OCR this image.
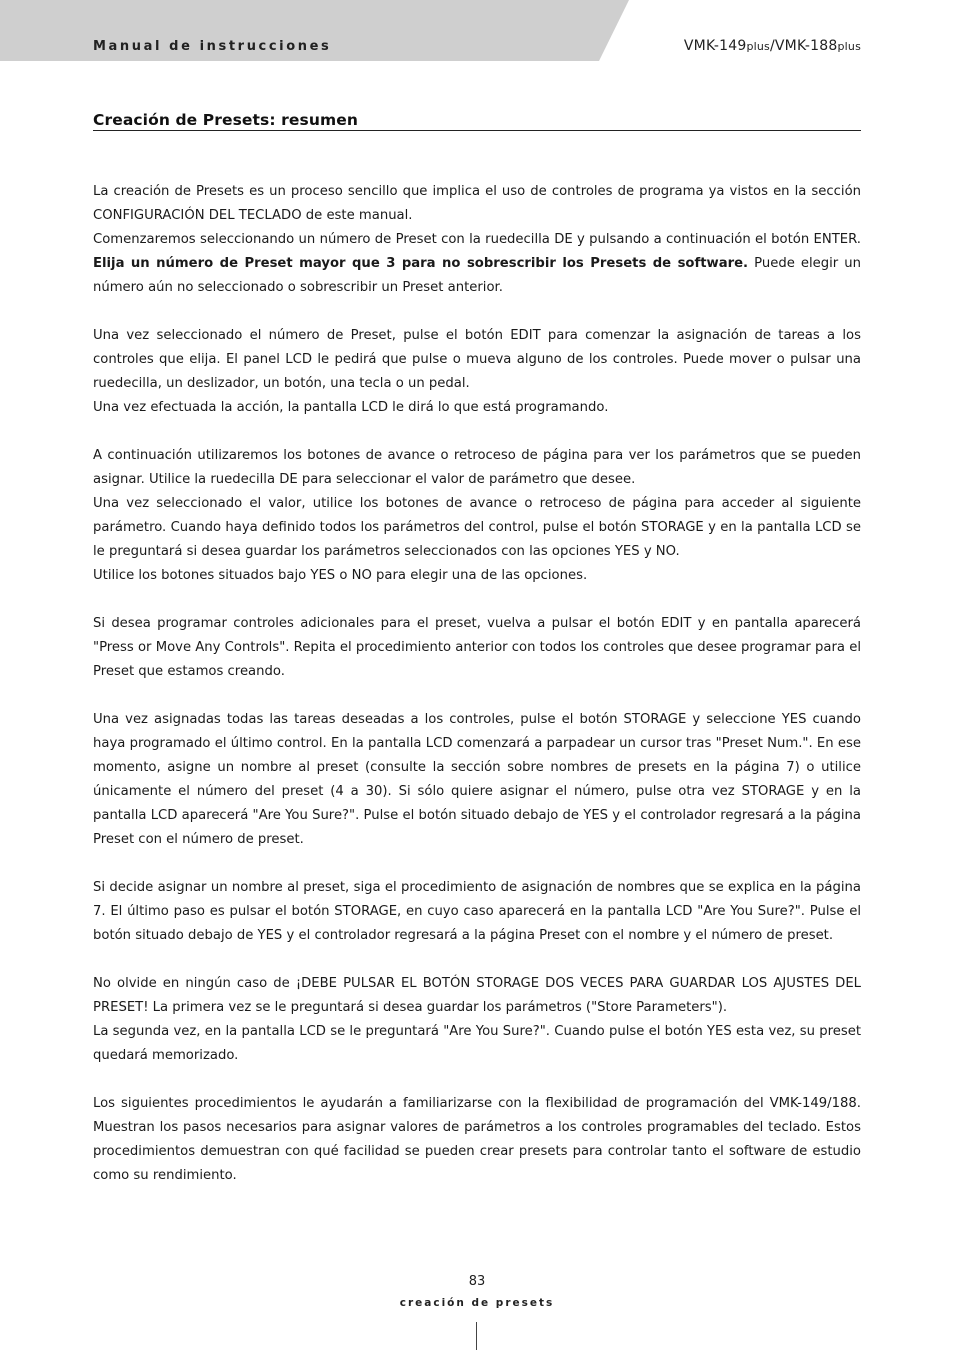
Manual de instrucciones	VMK-149plus/VMK-188plus
Creación de Presets: resumen

La creación de Presets es un proceso sencillo que implica el uso de controles de programa ya vistos en la sección CONFIGURACIÓN DEL TECLADO de este manual.
Comenzaremos seleccionando un número de Preset con la ruedecilla DE y pulsando a continuación el botón ENTER. Elija un número de Preset mayor que 3 para no sobrescribir los Presets de software. Puede elegir un número aún no seleccionado o sobrescribir un Preset anterior.

Una vez seleccionado el número de Preset, pulse el botón EDIT para comenzar la asignación de tareas a los controles que elija. El panel LCD le pedirá que pulse o mueva alguno de los controles. Puede mover o pulsar una ruedecilla, un deslizador, un botón, una tecla o un pedal.
Una vez efectuada la acción, la pantalla LCD le dirá lo que está programando.

A continuación utilizaremos los botones de avance o retroceso de página para ver los parámetros que se pueden asignar. Utilice la ruedecilla DE para seleccionar el valor de parámetro que desee.
Una vez seleccionado el valor, utilice los botones de avance o retroceso de página para acceder al siguiente parámetro. Cuando haya definido todos los parámetros del control, pulse el botón STORAGE y en la pantalla LCD se le preguntará si desea guardar los parámetros seleccionados con las opciones YES y NO.
Utilice los botones situados bajo YES o NO para elegir una de las opciones.

Si desea programar controles adicionales para el preset, vuelva a pulsar el botón EDIT y en pantalla aparecerá "Press or Move Any Controls". Repita el procedimiento anterior con todos los controles que desee programar para el Preset que estamos creando.

Una vez asignadas todas las tareas deseadas a los controles, pulse el botón STORAGE y seleccione YES cuando haya programado el último control. En la pantalla LCD comenzará a parpadear un cursor tras "Preset Num.". En ese momento, asigne un nombre al preset (consulte la sección sobre nombres de presets en la página 7) o utilice únicamente el número del preset (4 a 30). Si sólo quiere asignar el número, pulse otra vez STORAGE y en la pantalla LCD aparecerá "Are You Sure?". Pulse el botón situado debajo de YES y el controlador regresará a la página Preset con el número de preset.

Si decide asignar un nombre al preset, siga el procedimiento de asignación de nombres que se explica en la página 7. El último paso es pulsar el botón STORAGE, en cuyo caso aparecerá en la pantalla LCD "Are You Sure?". Pulse el botón situado debajo de YES y el controlador regresará a la página Preset con el nombre y el número de preset.

No olvide en ningún caso de ¡DEBE PULSAR EL BOTÓN STORAGE DOS VECES PARA GUARDAR LOS AJUSTES DEL PRESET! La primera vez se le preguntará si desea guardar los parámetros ("Store Parameters").
La segunda vez, en la pantalla LCD se le preguntará "Are You Sure?". Cuando pulse el botón YES esta vez, su preset quedará memorizado.

Los siguientes procedimientos le ayudarán a familiarizarse con la flexibilidad de programación del VMK-149/188. Muestran los pasos necesarios para asignar valores de parámetros a los controles programables del teclado. Estos procedimientos demuestran con qué facilidad se pueden crear presets para controlar tanto el software de estudio como su rendimiento.

83
creación de presets
